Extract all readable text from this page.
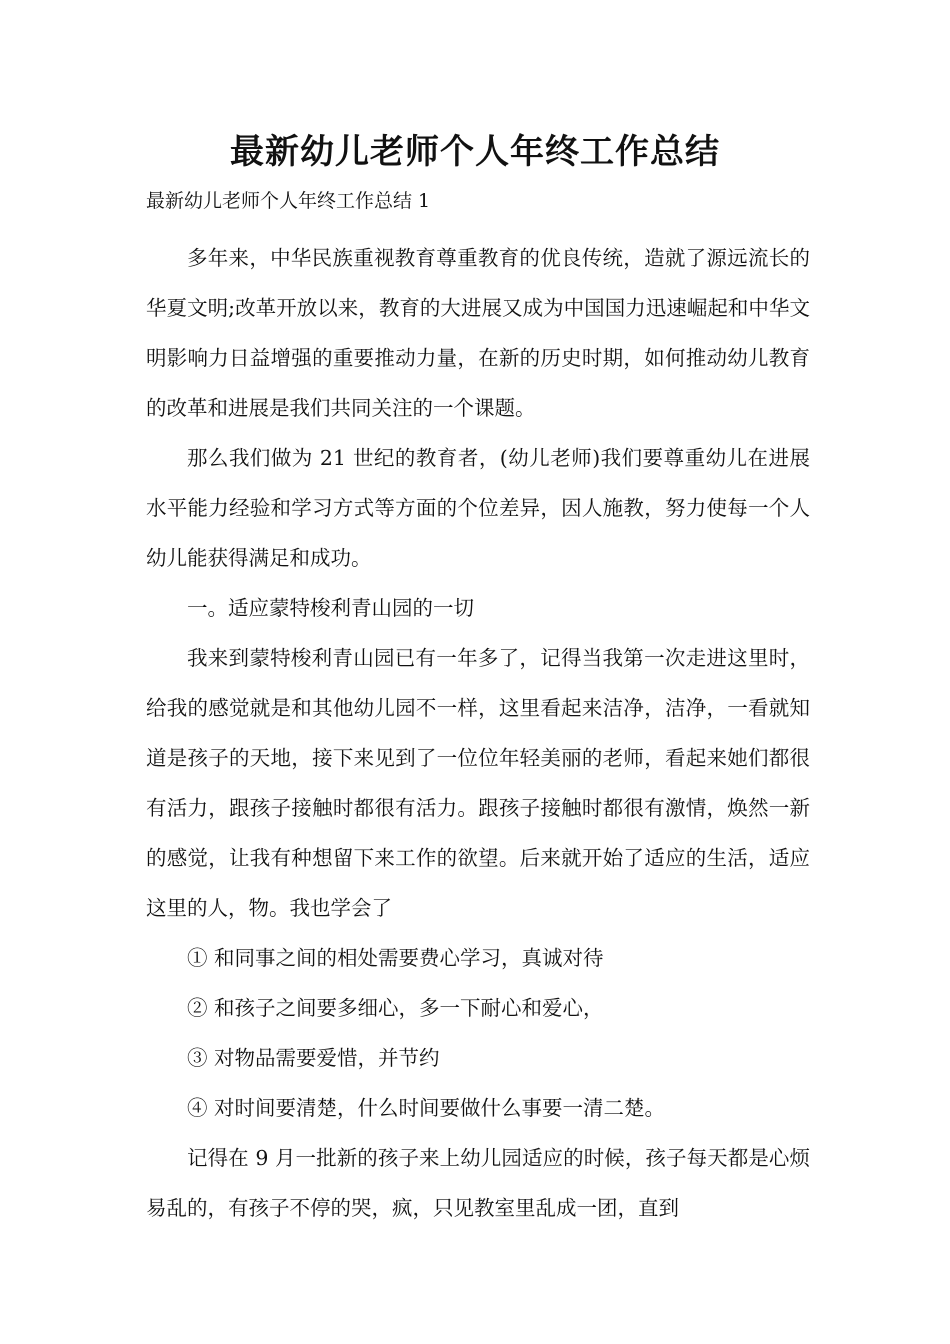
最新幼儿老师个人年终工作总结

最新幼儿老师个人年终工作总结 1

多年来，中华民族重视教育尊重教育的优良传统，造就了源远流长的华夏文明;改革开放以来，教育的大进展又成为中国国力迅速崛起和中华文明影响力日益增强的重要推动力量，在新的历史时期，如何推动幼儿教育的改革和进展是我们共同关注的一个课题。

那么我们做为 21 世纪的教育者，(幼儿老师)我们要尊重幼儿在进展水平能力经验和学习方式等方面的个位差异，因人施教，努力使每一个人幼儿能获得满足和成功。

一。适应蒙特梭利青山园的一切

我来到蒙特梭利青山园已有一年多了，记得当我第一次走进这里时，给我的感觉就是和其他幼儿园不一样，这里看起来洁净，洁净，一看就知道是孩子的天地，接下来见到了一位位年轻美丽的老师，看起来她们都很有活力，跟孩子接触时都很有活力。跟孩子接触时都很有激情，焕然一新的感觉，让我有种想留下来工作的欲望。后来就开始了适应的生活，适应这里的人，物。我也学会了

① 和同事之间的相处需要费心学习，真诚对待

② 和孩子之间要多细心，多一下耐心和爱心，

③ 对物品需要爱惜，并节约

④ 对时间要清楚，什么时间要做什么事要一清二楚。

记得在 9 月一批新的孩子来上幼儿园适应的时候，孩子每天都是心烦易乱的，有孩子不停的哭，疯，只见教室里乱成一团，直到
